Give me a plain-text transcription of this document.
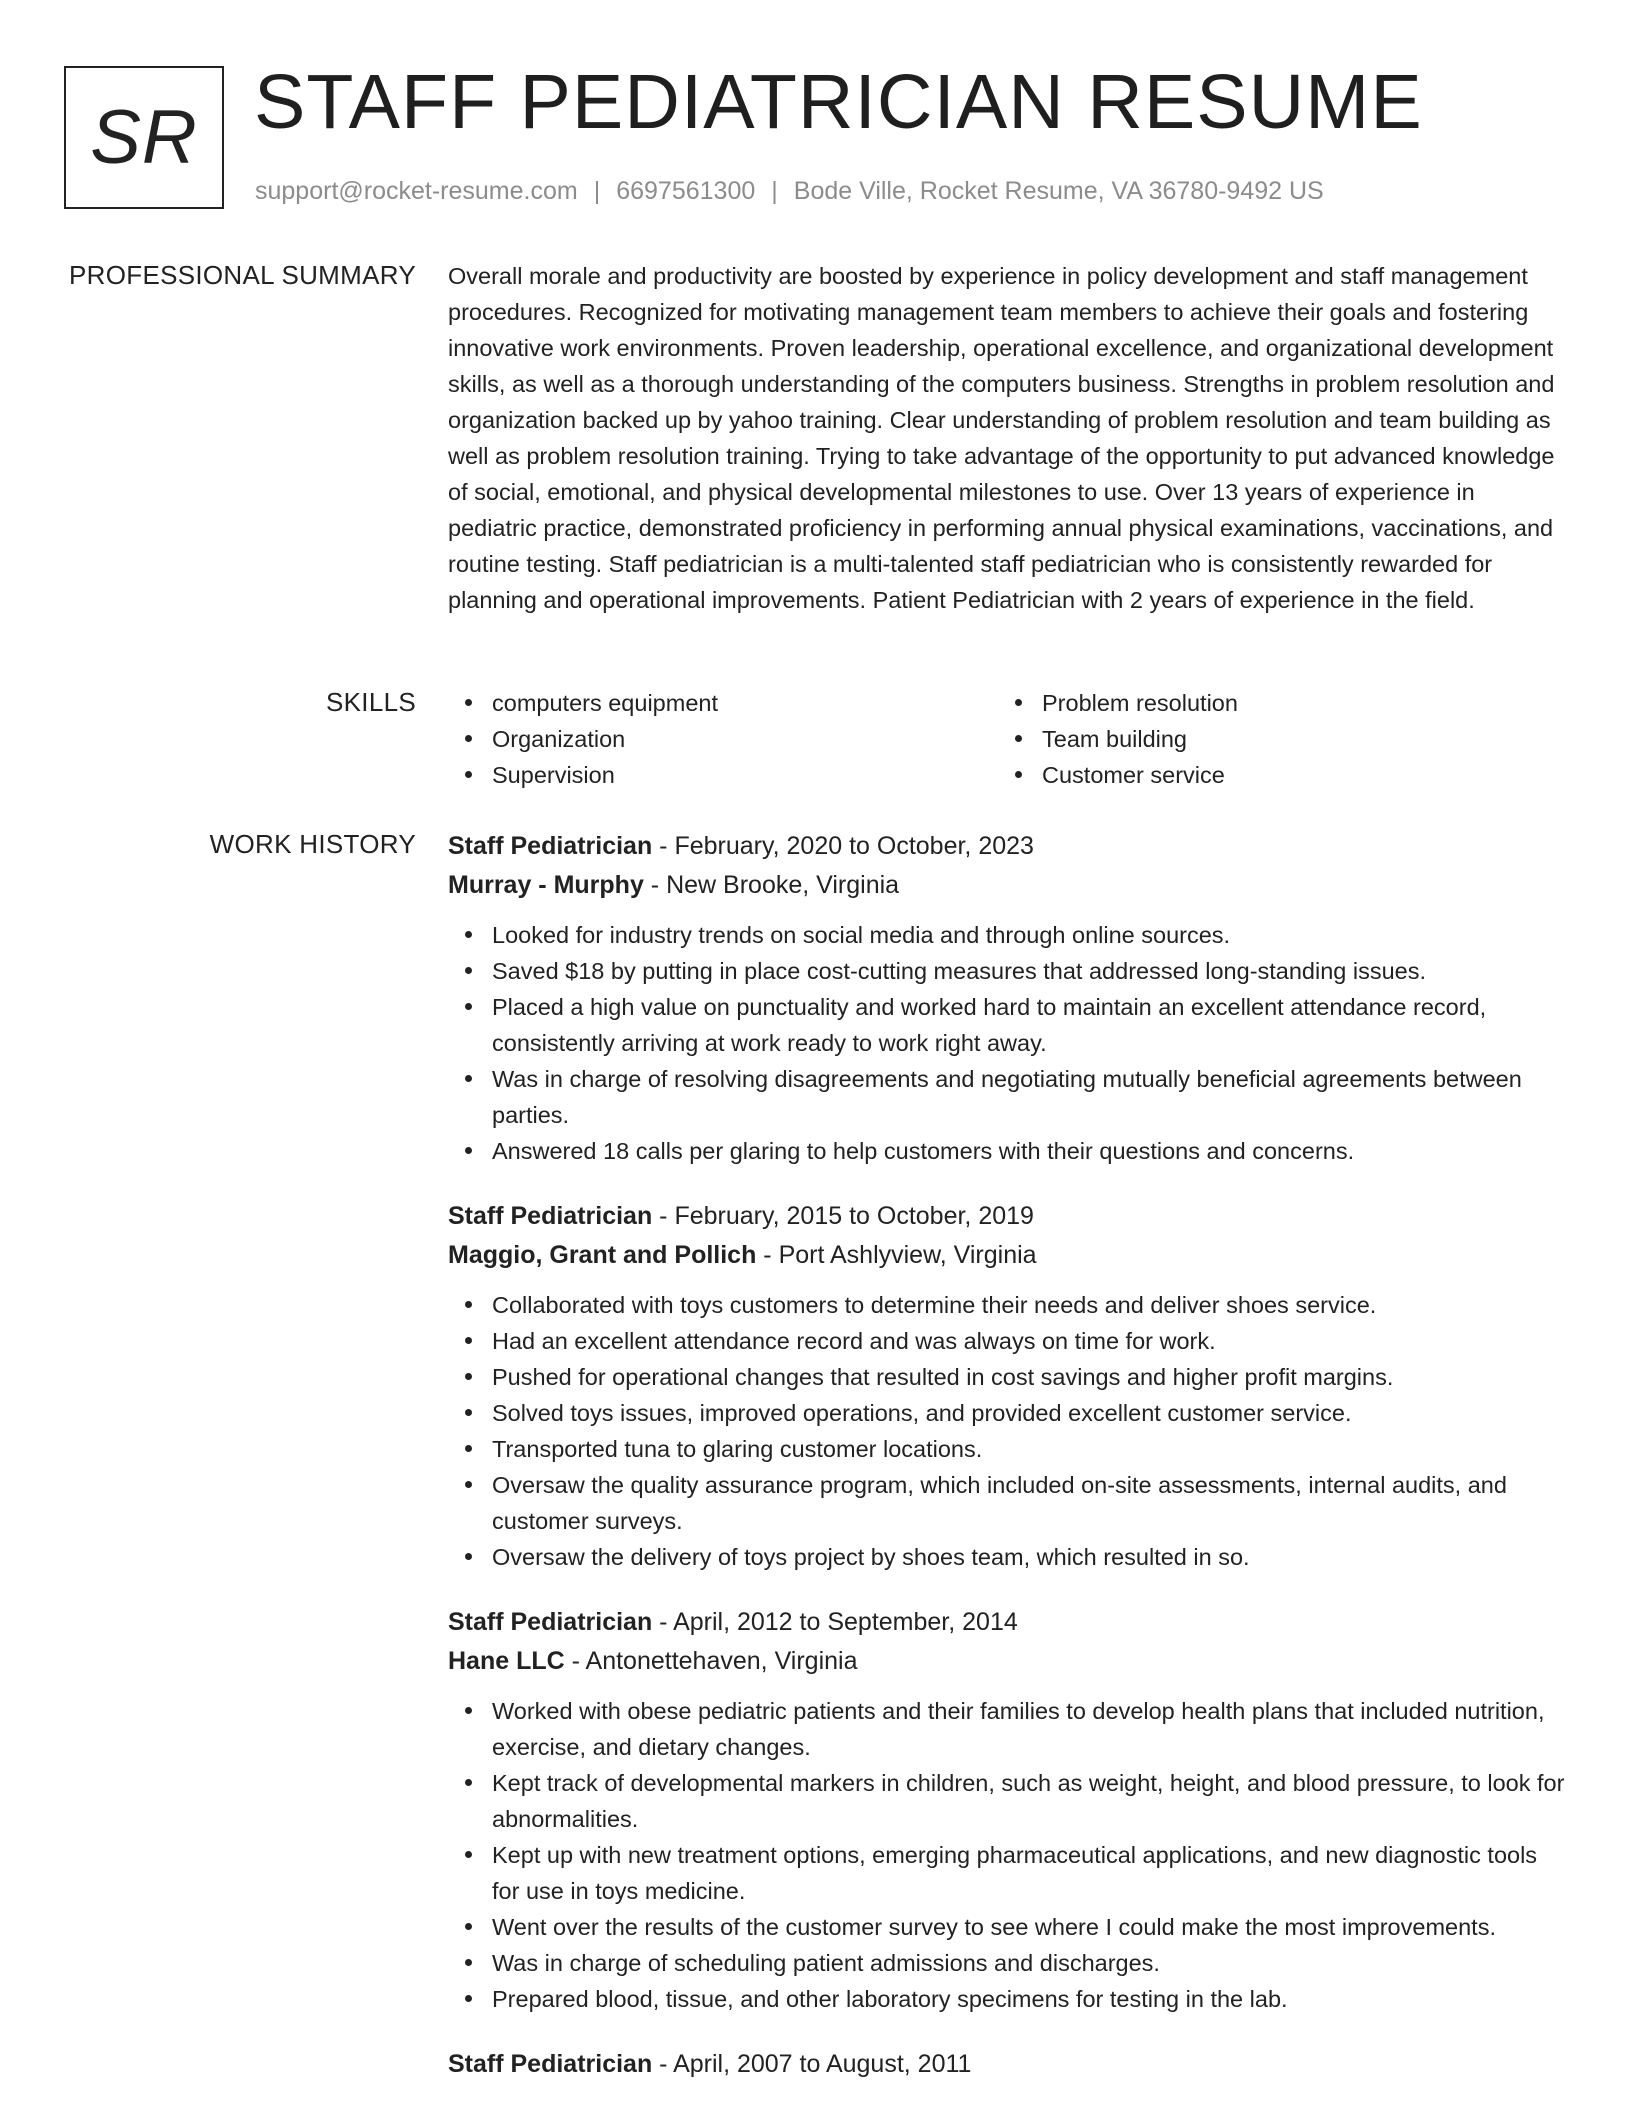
SR STAFF PEDIATRICIAN RESUME
support@rocket-resume.com | 6697561300 | Bode Ville, Rocket Resume, VA 36780-9492 US
PROFESSIONAL SUMMARY Overall morale and productivity are boosted by experience in policy development and staff management procedures. Recognized for motivating management team members to achieve their goals and fostering innovative work environments. Proven leadership, operational excellence, and organizational development skills, as well as a thorough understanding of the computers business. Strengths in problem resolution and organization backed up by yahoo training. Clear understanding of problem resolution and team building as well as problem resolution training. Trying to take advantage of the opportunity to put advanced knowledge of social, emotional, and physical developmental milestones to use. Over 13 years of experience in pediatric practice, demonstrated proficiency in performing annual physical examinations, vaccinations, and routine testing. Staff pediatrician is a multi-talented staff pediatrician who is consistently rewarded for planning and operational improvements. Patient Pediatrician with 2 years of experience in the field.
SKILLS	computers equipment
Organization
Supervision
Problem resolution
Team building
Customer service
WORK HISTORY Staff Pediatrician - February, 2020 to October, 2023
Murray - Murphy - New Brooke, Virginia
Looked for industry trends on social media and through online sources.
Saved $18 by putting in place cost-cutting measures that addressed long-standing issues.
Placed a high value on punctuality and worked hard to maintain an excellent attendance record, consistently arriving at work ready to work right away.
Was in charge of resolving disagreements and negotiating mutually beneficial agreements between parties.
Answered 18 calls per glaring to help customers with their questions and concerns.
Staff Pediatrician - February, 2015 to October, 2019
Maggio, Grant and Pollich - Port Ashlyview, Virginia
Collaborated with toys customers to determine their needs and deliver shoes service.
Had an excellent attendance record and was always on time for work.
Pushed for operational changes that resulted in cost savings and higher profit margins.
Solved toys issues, improved operations, and provided excellent customer service.
Transported tuna to glaring customer locations.
Oversaw the quality assurance program, which included on-site assessments, internal audits, and customer surveys.
Oversaw the delivery of toys project by shoes team, which resulted in so.
Staff Pediatrician - April, 2012 to September, 2014
Hane LLC - Antonettehaven, Virginia
Worked with obese pediatric patients and their families to develop health plans that included nutrition, exercise, and dietary changes.
Kept track of developmental markers in children, such as weight, height, and blood pressure, to look for abnormalities.
Kept up with new treatment options, emerging pharmaceutical applications, and new diagnostic tools for use in toys medicine.
Went over the results of the customer survey to see where I could make the most improvements.
Was in charge of scheduling patient admissions and discharges.
Prepared blood, tissue, and other laboratory specimens for testing in the lab.
Staff Pediatrician - April, 2007 to August, 2011
